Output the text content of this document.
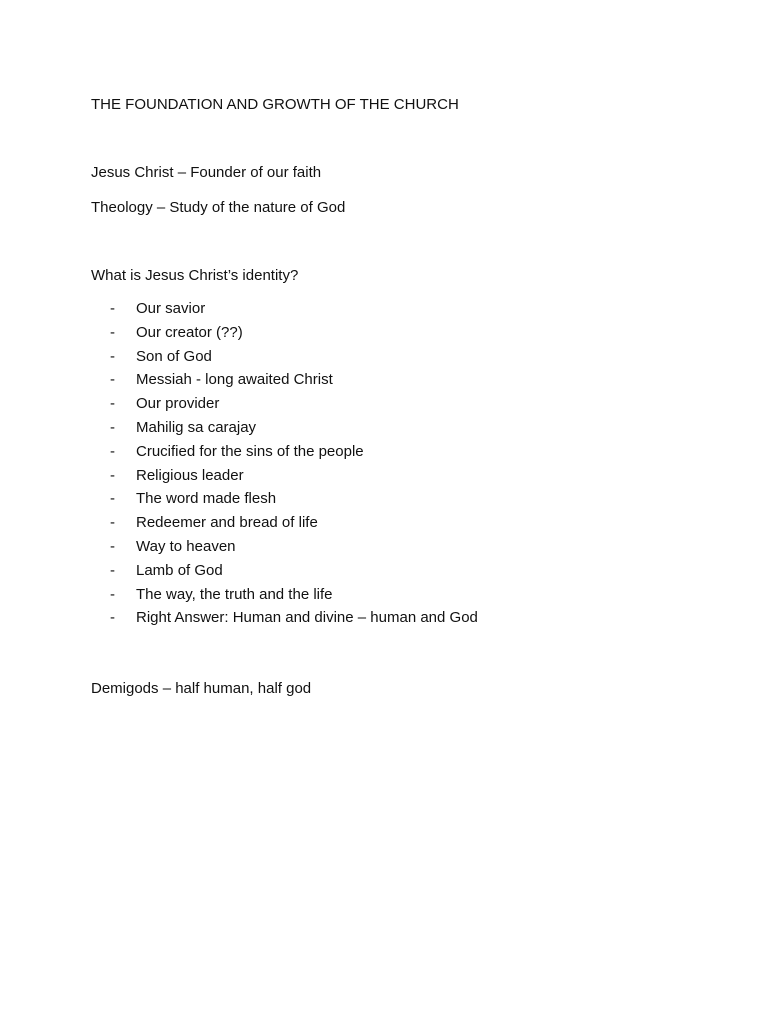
THE FOUNDATION AND GROWTH OF THE CHURCH
Jesus Christ – Founder of our faith
Theology – Study of the nature of God
What is Jesus Christ’s identity?
- Our savior
- Our creator (??)
- Son of God
- Messiah - long awaited Christ
- Our provider
- Mahilig sa carajay
- Crucified for the sins of the people
- Religious leader
- The word made flesh
- Redeemer and bread of life
- Way to heaven
- Lamb of God
- The way, the truth and the life
- Right Answer: Human and divine – human and God
Demigods – half human, half god
